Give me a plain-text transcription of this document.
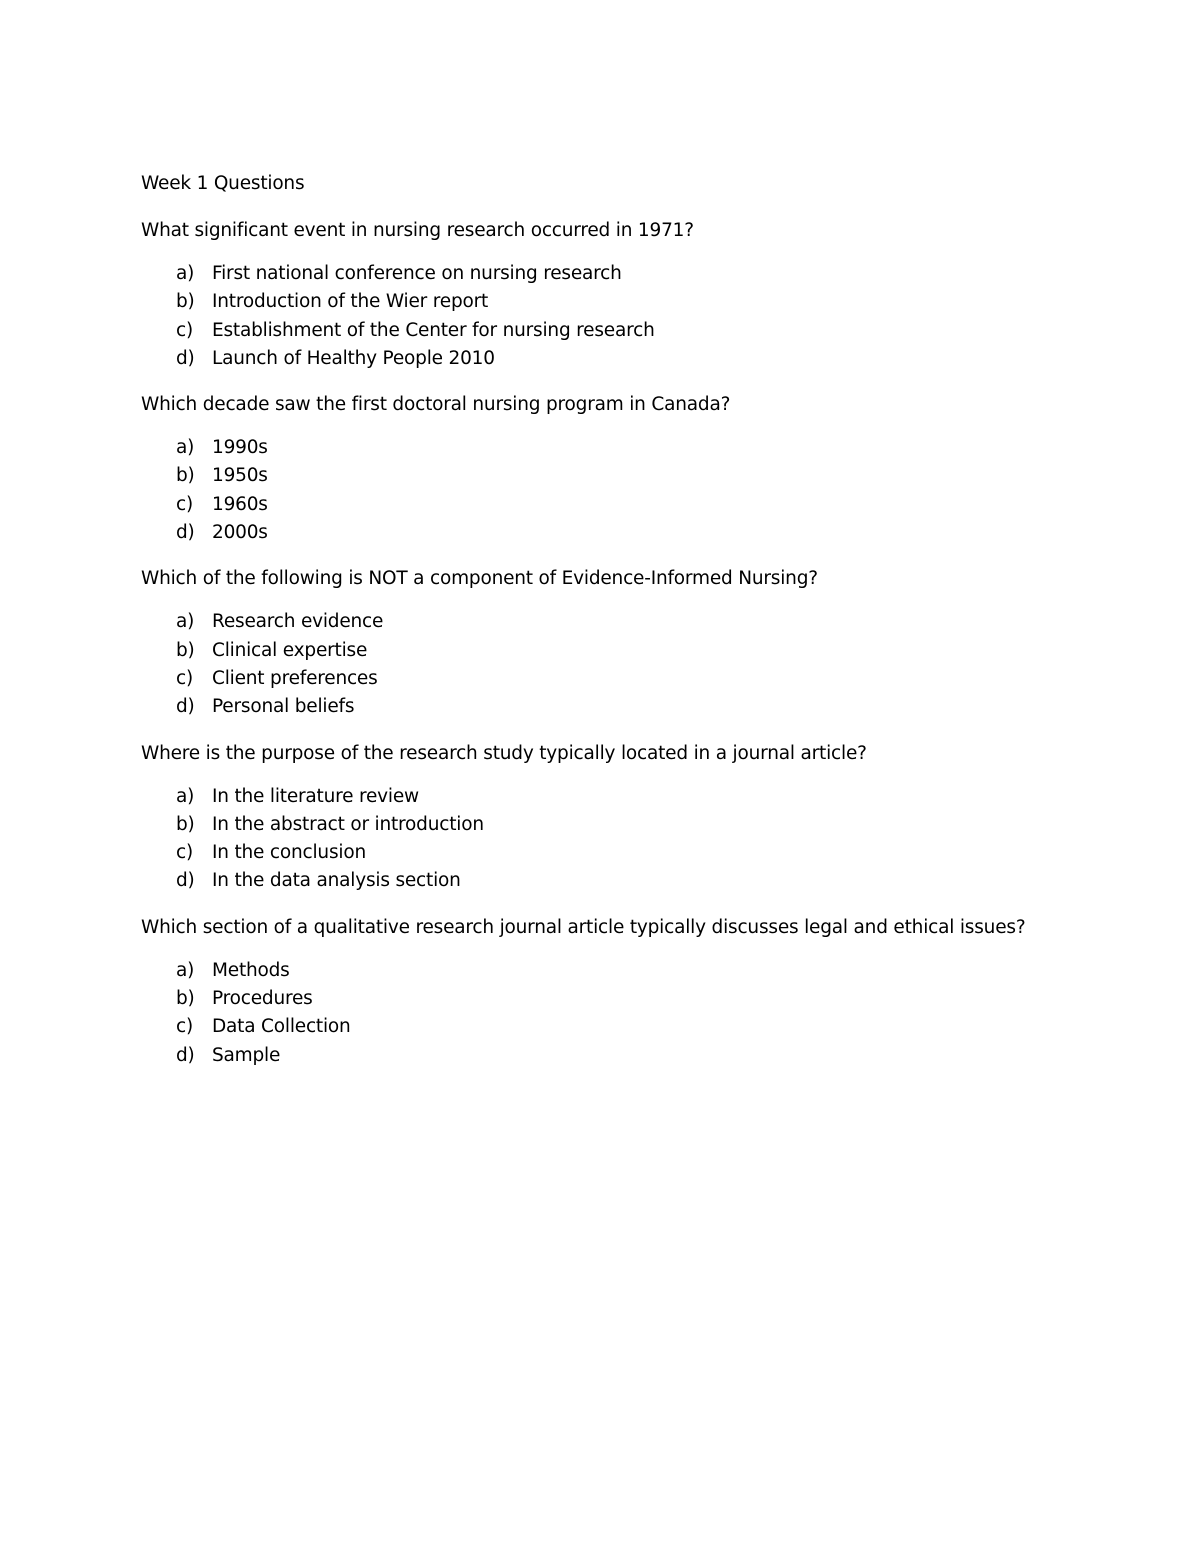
Week 1 Questions
What significant event in nursing research occurred in 1971?
a) First national conference on nursing research
b) Introduction of the Wier report
c)	Establishment of the Center for nursing research
d) Launch of Healthy People 2010
Which decade saw the first doctoral nursing program in Canada?
a) 1990s
b) 1950s
c)	1960s
d) 2000s
Which of the following is NOT a component of Evidence-Informed Nursing?
a) Research evidence
b) Clinical expertise
c)	Client preferences
d) Personal beliefs
Where is the purpose of the research study typically located in a journal article?
a) In the literature review
b) In the abstract or introduction
c)	In the conclusion
d) In the data analysis section
Which section of a qualitative research journal article typically discusses legal and ethical issues?
a) Methods
b) Procedures
c)	Data Collection
d) Sample
